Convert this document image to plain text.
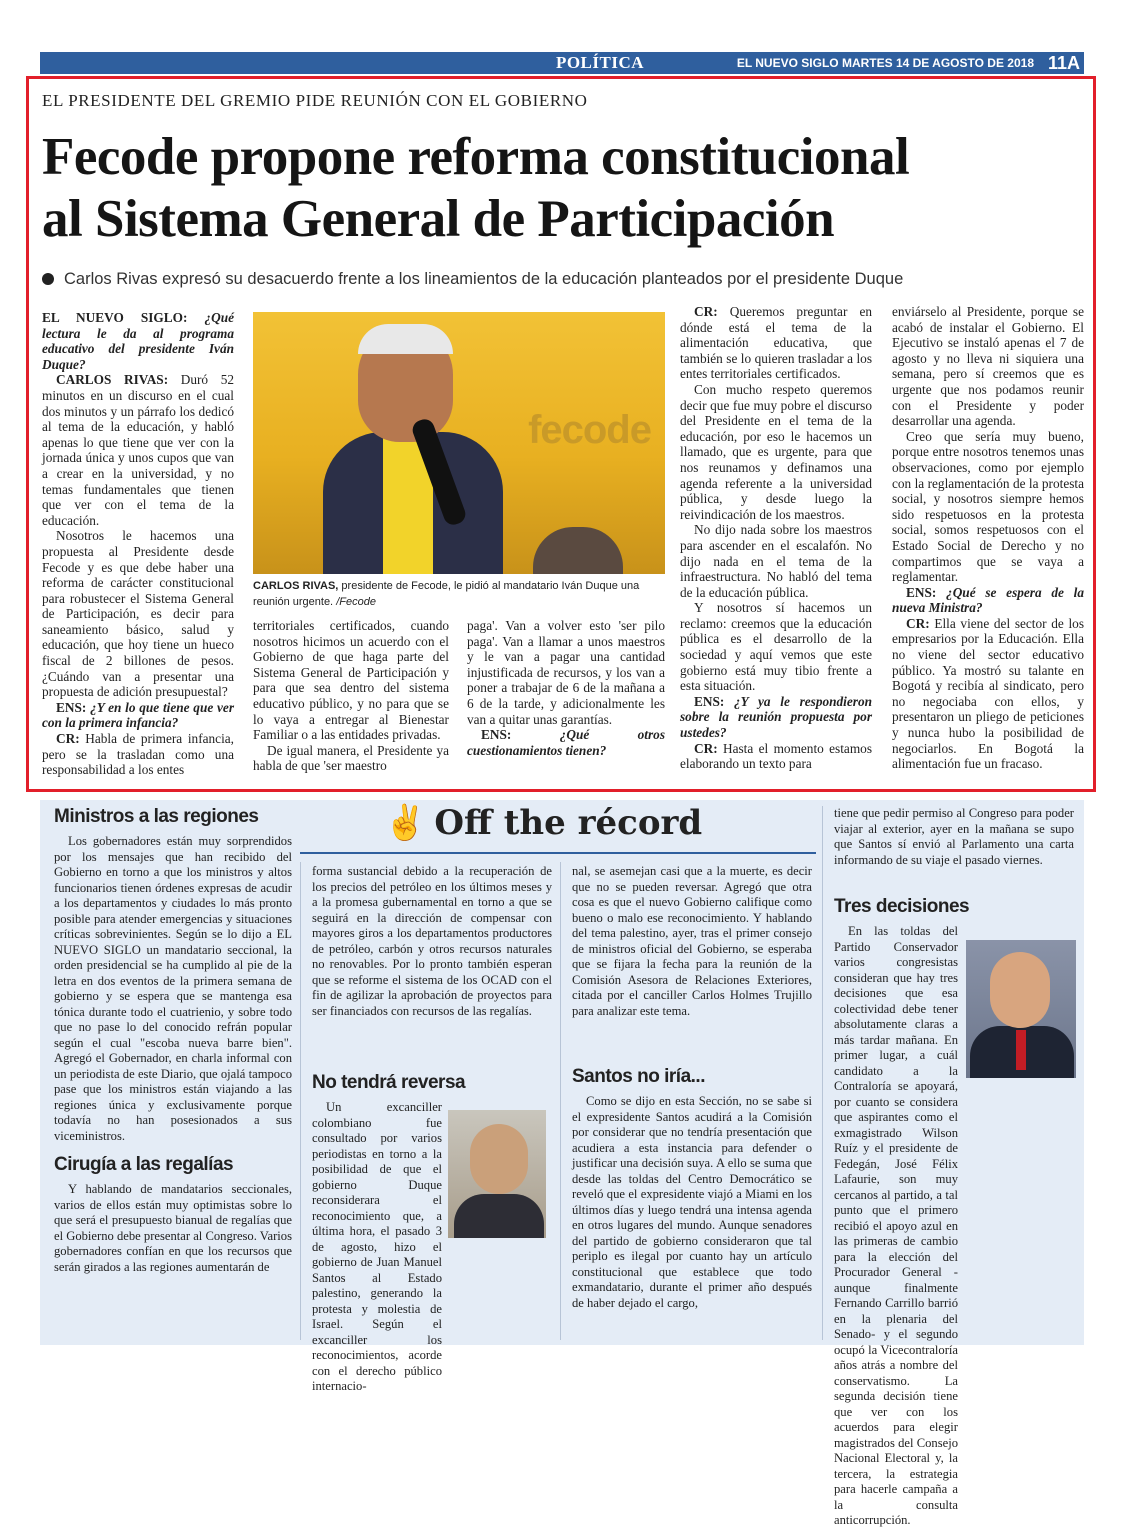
POLÍTICA	EL NUEVO SIGLO MARTES 14 DE AGOSTO DE 2018 11A
EL PRESIDENTE DEL GREMIO PIDE REUNIÓN CON EL GOBIERNO
Fecode propone reforma constitucional
al Sistema General de Participación
Carlos Rivas expresó su desacuerdo frente a los lineamientos de la educación planteados por el presidente Duque

EL NUEVO SIGLO: ¿Qué lectura le da al programa educativo del presidente Iván Duque?

CARLOS RIVAS: Duró 52 minutos en un discurso en el cual dos minutos y un párrafo los dedicó al tema de la educación, y habló apenas lo que tiene que ver con la jornada única y unos cupos que van a crear en la universidad, y no temas fundamentales que tienen que ver con el tema de la educación.

Nosotros le hacemos una propuesta al Presidente desde Fecode y es que debe haber una reforma de carácter constitucional para robustecer el Sistema General de Participación, es decir para saneamiento básico, salud y educación, que hoy tiene un hueco fiscal de 2 billones de pesos. ¿Cuándo van a presentar una propuesta de adición presupuestal?

ENS: ¿Y en lo que tiene que ver con la primera infancia?

CR: Habla de primera infancia, pero se la trasladan como una responsabilidad a los entes

fecode
CARLOS RIVAS, presidente de Fecode, le pidió al mandatario Iván Duque una reunión urgente. /Fecode

territoriales certificados, cuando nosotros hicimos un acuerdo con el Gobierno de que haga parte del Sistema General de Participación y para que sea dentro del sistema educativo público, y no para que se lo vaya a entregar al Bienestar Familiar o a las entidades privadas.

De igual manera, el Presidente ya habla de que 'ser maestro

paga'. Van a volver esto 'ser pilo paga'. Van a llamar a unos maestros y le van a pagar una cantidad injustificada de recursos, y los van a poner a trabajar de 6 de la mañana a 6 de la tarde, y adicionalmente les van a quitar unas garantías.

ENS:	¿Qué otros cuestionamientos tienen?

CR: Queremos preguntar en dónde está el tema de la alimentación educativa, que también se lo quieren trasladar a los entes territoriales certificados.

Con mucho respeto queremos decir que fue muy pobre el discurso del Presidente en el tema de la educación, por eso le hacemos un llamado, que es urgente, para que nos reunamos y definamos una agenda referente a la universidad pública, y desde luego la reivindicación de los maestros.

No dijo nada sobre los maestros para ascender en el escalafón. No dijo nada en el tema de la infraestructura. No habló del tema de la educación pública.

Y nosotros sí hacemos un reclamo: creemos que la educación pública es el desarrollo de la sociedad y aquí vemos que este gobierno está muy tibio frente a esta situación.

ENS: ¿Y ya le respondieron sobre la reunión propuesta por ustedes?

CR: Hasta el momento estamos elaborando un texto para

enviárselo al Presidente, porque se acabó de instalar el Gobierno. El Ejecutivo se instaló apenas el 7 de agosto y no lleva ni siquiera una semana, pero sí creemos que es urgente que nos podamos reunir con el Presidente y poder desarrollar una agenda.

Creo que sería muy bueno, porque entre nosotros tenemos unas observaciones, como por ejemplo con la reglamentación de la protesta social, y nosotros siempre hemos sido respetuosos en la protesta social, somos respetuosos con el Estado Social de Derecho y no compartimos que se vaya a reglamentar.

ENS: ¿Qué se espera de la nueva Ministra?

CR: Ella viene del sector de los empresarios por la Educación. Ella no viene del sector educativo público. Ya mostró su talante en Bogotá y recibía al sindicato, pero no negociaba con ellos, y presentaron un pliego de peticiones y nunca hubo la posibilidad de negociarlos. En Bogotá la alimentación fue un fracaso.

✌ Off the récord
Ministros a las regiones

Los gobernadores están muy sorprendidos por los mensajes que han recibido del Gobierno en torno a que los ministros y altos funcionarios tienen órdenes expresas de acudir a los departamentos y ciudades lo más pronto posible para atender emergencias y situaciones críticas sobrevinientes. Según se lo dijo a EL NUEVO SIGLO un mandatario seccional, la orden presidencial se ha cumplido al pie de la letra en dos eventos de la primera semana de gobierno y se espera que se mantenga esa tónica durante todo el cuatrienio, y sobre todo que no pase lo del conocido refrán popular según el cual "escoba nueva barre bien". Agregó el Gobernador, en charla informal con un periodista de este Diario, que ojalá tampoco pase que los ministros están viajando a las regiones única y exclusivamente porque todavía no han posesionados a sus viceministros.

Cirugía a las regalías

Y hablando de mandatarios seccionales, varios de ellos están muy optimistas sobre lo que será el presupuesto bianual de regalías que el Gobierno debe presentar al Congreso. Varios gobernadores confían en que los recursos que serán girados a las regiones aumentarán de

forma sustancial debido a la recuperación de los precios del petróleo en los últimos meses y a la promesa gubernamental en torno a que se seguirá en la dirección de compensar con mayores giros a los departamentos productores de petróleo, carbón y otros recursos naturales no renovables. Por lo pronto también esperan que se reforme el sistema de los OCAD con el fin de agilizar la aprobación de proyectos para ser financiados con recursos de las regalías.

No tendrá reversa

Un excanciller colombiano fue consultado por varios periodistas en torno a la posibilidad de que el gobierno Duque reconsiderara el reconocimiento que, a última hora, el pasado 3 de agosto, hizo el gobierno de Juan Manuel Santos al Estado palestino, generando la protesta y molestia de Israel. Según el excanciller los reconocimientos, acorde con el derecho público internacio-

nal, se asemejan casi que a la muerte, es decir que no se pueden reversar. Agregó que otra cosa es que el nuevo Gobierno califique como bueno o malo ese reconocimiento. Y hablando del tema palestino, ayer, tras el primer consejo de ministros oficial del Gobierno, se esperaba que se fijara la fecha para la reunión de la Comisión Asesora de Relaciones Exteriores, citada por el canciller Carlos Holmes Trujillo para analizar este tema.

Santos no iría...

Como se dijo en esta Sección, no se sabe si el expresidente Santos acudirá a la Comisión por considerar que no tendría presentación que acudiera a esta instancia para defender o justificar una decisión suya. A ello se suma que desde las toldas del Centro Democrático se reveló que el expresidente viajó a Miami en los últimos días y luego tendrá una intensa agenda en otros lugares del mundo. Aunque senadores del partido de gobierno consideraron que tal periplo es ilegal por cuanto hay un artículo constitucional que establece que todo exmandatario, durante el primer año después de haber dejado el cargo,

tiene que pedir permiso al Congreso para poder viajar al exterior, ayer en la mañana se supo que Santos sí envió al Parlamento una carta informando de su viaje el pasado viernes.

Tres decisiones

En las toldas del Partido Conservador varios congresistas consideran que hay tres decisiones que esa colectividad debe tener absolutamente claras a más tardar mañana. En primer lugar, a cuál candidato a la Contraloría se apoyará, por cuanto se considera que aspirantes como el exmagistrado Wilson Ruíz y el presidente de Fedegán, José Félix Lafaurie, son muy cercanos al partido, a tal punto que el primero recibió el apoyo azul en las primeras de cambio para la elección del Procurador General -aunque finalmente Fernando Carrillo barrió en la plenaria del Senado- y el segundo ocupó la Vicecontraloría años atrás a nombre del conservatismo. La segunda decisión tiene que ver con los acuerdos para elegir magistrados del Consejo Nacional Electoral y, la tercera, la estrategia para hacerle campaña a la consulta anticorrupción.
